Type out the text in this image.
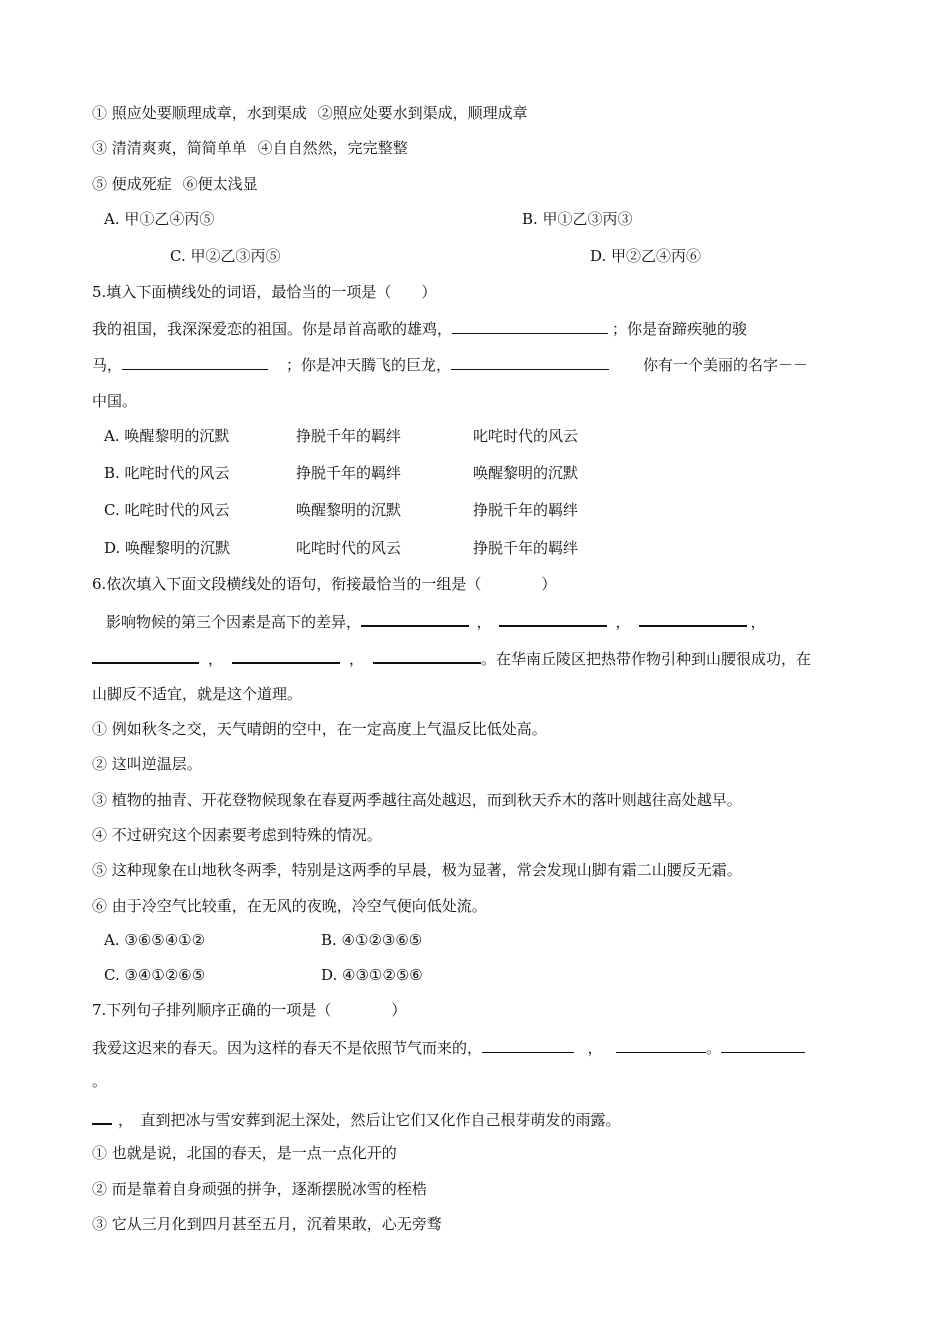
① 照应处要顺理成章，水到渠成 ②照应处要水到渠成，顺理成章
③ 清清爽爽，简简单单 ④自自然然，完完整整
⑤ 便成死症 ⑥便太浅显
A. 甲①乙④丙⑤	B. 甲①乙③丙③
C. 甲②乙③丙⑤	D. 甲②乙④丙⑥
5.填入下面横线处的词语，最恰当的一项是（　　）
我的祖国，我深深爱恋的祖国。你是昂首高歌的雄鸡，	；你是奋蹄疾驰的骏
马，	；你是冲天腾飞的巨龙，	你有一个美丽的名字－－
中国。
A. 唤醒黎明的沉默	挣脱千年的羁绊	叱咤时代的风云
B. 叱咤时代的风云	挣脱千年的羁绊	唤醒黎明的沉默
C. 叱咤时代的风云	唤醒黎明的沉默	挣脱千年的羁绊
D. 唤醒黎明的沉默	叱咤时代的风云	挣脱千年的羁绊
6.依次填入下面文段横线处的语句，衔接最恰当的一组是（　　　　）
影响物候的第三个因素是高下的差异，	，	，	，
，	，	。在华南丘陵区把热带作物引种到山腰很成功，在
山脚反不适宜，就是这个道理。
① 例如秋冬之交，天气晴朗的空中，在一定高度上气温反比低处高。
② 这叫逆温层。
③ 植物的抽青、开花登物候现象在春夏两季越往高处越迟，而到秋天乔木的落叶则越往高处越早。
④ 不过研究这个因素要考虑到特殊的情况。
⑤ 这种现象在山地秋冬两季，特别是这两季的早晨，极为显著，常会发现山脚有霜二山腰反无霜。
⑥ 由于冷空气比较重，在无风的夜晚，冷空气便向低处流。
A. ③⑥⑤④①②	B. ④①②③⑥⑤
C. ③④①②⑥⑤	D. ④③①②⑤⑥
7.下列句子排列顺序正确的一项是（　　　　）
我爱这迟来的春天。因为这样的春天不是依照节气而来的，	，	。
。
，　直到把冰与雪安葬到泥土深处，然后让它们又化作自己根芽萌发的雨露。
① 也就是说，北国的春天，是一点一点化开的
② 而是靠着自身顽强的拼争，逐渐摆脱冰雪的桎梏
③ 它从三月化到四月甚至五月，沉着果敢，心无旁骛
